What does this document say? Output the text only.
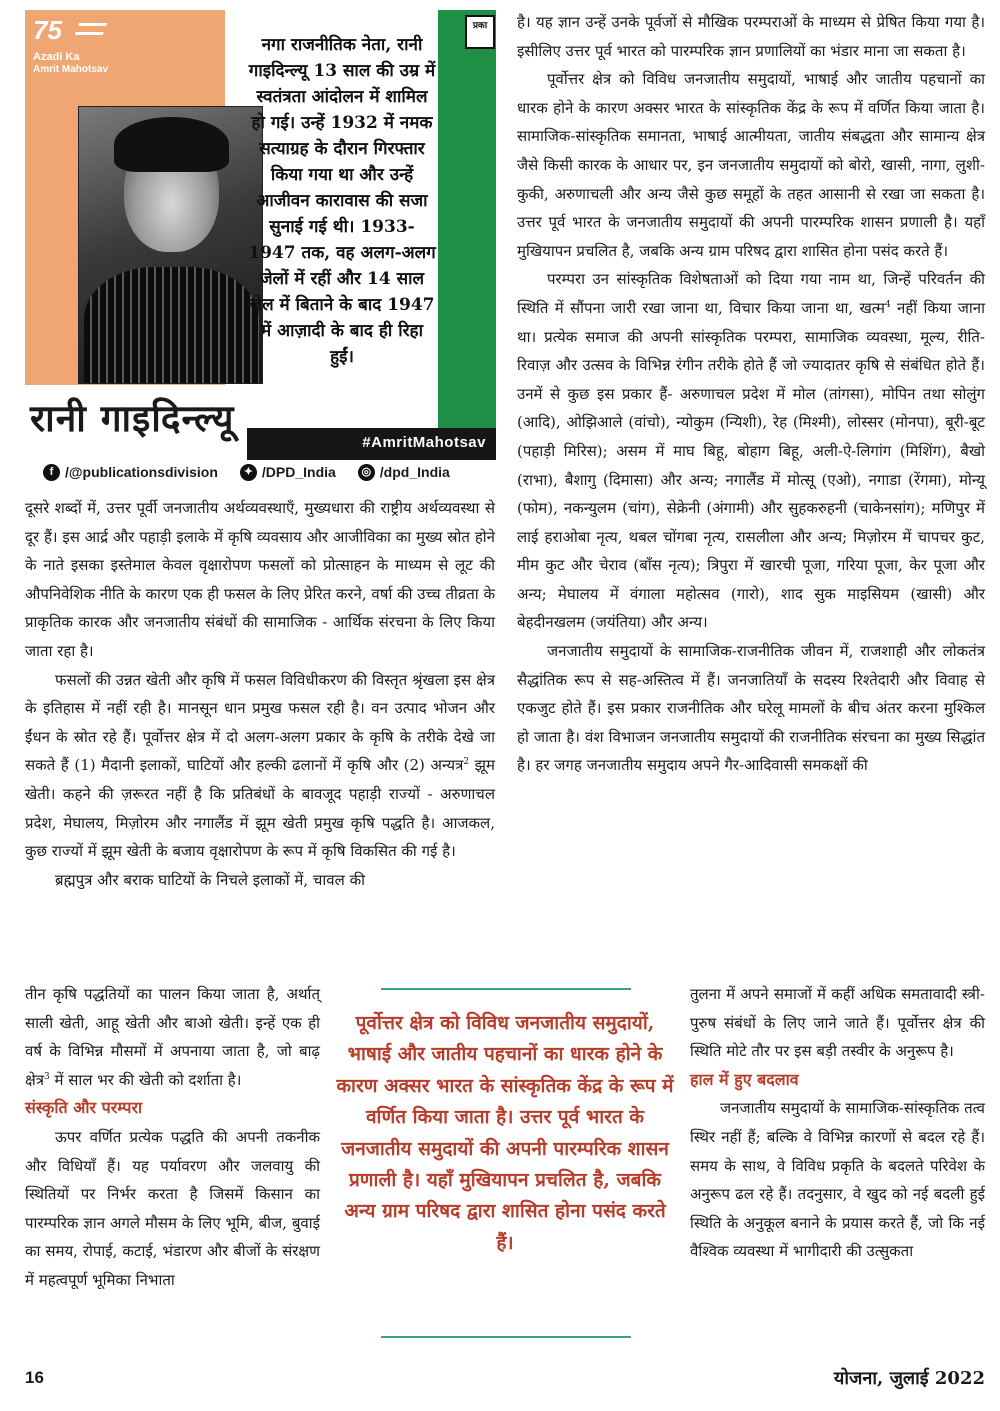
75
Azadi Ka
Amrit Mahotsav
रानी गाइदिन्ल्यू
नगा राजनीतिक नेता, रानी गाइदिन्ल्यू 13 साल की उम्र में स्वतंत्रता आंदोलन में शामिल हो गई। उन्हें 1932 में नमक सत्याग्रह के दौरान गिरफ्तार किया गया था और उन्हें आजीवन कारावास की सजा सुनाई गई थी। 1933-1947 तक, वह अलग-अलग जेलों में रहीं और 14 साल जेल में बिताने के बाद 1947 में आज़ादी के बाद ही रिहा हुईं।
प्रका
#AmritMahotsav
f /@publicationsdivision	✦ /DPD_India	◎ /dpd_India

दूसरे शब्दों में, उत्तर पूर्वी जनजातीय अर्थव्यवस्थाएँ, मुख्यधारा की राष्ट्रीय अर्थव्यवस्था से दूर हैं। इस आर्द्र और पहाड़ी इलाके में कृषि व्यवसाय और आजीविका का मुख्य स्रोत होने के नाते इसका इस्तेमाल केवल वृक्षारोपण फसलों को प्रोत्साहन के माध्यम से लूट की औपनिवेशिक नीति के कारण एक ही फसल के लिए प्रेरित करने, वर्षा की उच्च तीव्रता के प्राकृतिक कारक और जनजातीय संबंधों की सामाजिक - आर्थिक संरचना के लिए किया जाता रहा है।

फसलों की उन्नत खेती और कृषि में फसल विविधीकरण की विस्तृत श्रृंखला इस क्षेत्र के इतिहास में नहीं रही है। मानसून धान प्रमुख फसल रही है। वन उत्पाद भोजन और ईंधन के स्रोत रहे हैं। पूर्वोत्तर क्षेत्र में दो अलग-अलग प्रकार के कृषि के तरीके देखे जा सकते हैं (1) मैदानी इलाकों, घाटियों और हल्की ढलानों में कृषि और (2) अन्यत्र$^2$ झूम खेती। कहने की ज़रूरत नहीं है कि प्रतिबंधों के बावजूद पहाड़ी राज्यों - अरुणाचल प्रदेश, मेघालय, मिज़ोरम और नगालैंड में झूम खेती प्रमुख कृषि पद्धति है। आजकल, कुछ राज्यों में झूम खेती के बजाय वृक्षारोपण के रूप में कृषि विकसित की गई है।

ब्रह्मपुत्र और बराक घाटियों के निचले इलाकों में, चावल की

तीन कृषि पद्धतियों का पालन किया जाता है, अर्थात् साली खेती, आहू खेती और बाओ खेती। इन्हें एक ही वर्ष के विभिन्न मौसमों में अपनाया जाता है, जो बाढ़ क्षेत्र$^3$ में साल भर की खेती को दर्शाता है।

संस्कृति और परम्परा

ऊपर वर्णित प्रत्येक पद्धति की अपनी तकनीक और विधियाँ हैं। यह पर्यावरण और जलवायु की स्थितियों पर निर्भर करता है जिसमें किसान का पारम्परिक ज्ञान अगले मौसम के लिए भूमि, बीज, बुवाई का समय, रोपाई, कटाई, भंडारण और बीजों के संरक्षण में महत्वपूर्ण भूमिका निभाता

पूर्वोत्तर क्षेत्र को विविध जनजातीय समुदायों, भाषाई और जातीय पहचानों का धारक होने के कारण अक्सर भारत के सांस्कृतिक केंद्र के रूप में वर्णित किया जाता है। उत्तर पूर्व भारत के जनजातीय समुदायों की अपनी पारम्परिक शासन प्रणाली है। यहाँ मुखियापन प्रचलित है, जबकि अन्य ग्राम परिषद द्वारा शासित होना पसंद करते हैं।

है। यह ज्ञान उन्हें उनके पूर्वजों से मौखिक परम्पराओं के माध्यम से प्रेषित किया गया है। इसीलिए उत्तर पूर्व भारत को पारम्परिक ज्ञान प्रणालियों का भंडार माना जा सकता है।

पूर्वोत्तर क्षेत्र को विविध जनजातीय समुदायों, भाषाई और जातीय पहचानों का धारक होने के कारण अक्सर भारत के सांस्कृतिक केंद्र के रूप में वर्णित किया जाता है। सामाजिक-सांस्कृतिक समानता, भाषाई आत्मीयता, जातीय संबद्धता और सामान्य क्षेत्र जैसे किसी कारक के आधार पर, इन जनजातीय समुदायों को बोरो, खासी, नागा, लुशी-कुकी, अरुणाचली और अन्य जैसे कुछ समूहों के तहत आसानी से रखा जा सकता है। उत्तर पूर्व भारत के जनजातीय समुदायों की अपनी पारम्परिक शासन प्रणाली है। यहाँ मुखियापन प्रचलित है, जबकि अन्य ग्राम परिषद द्वारा शासित होना पसंद करते हैं।

परम्परा उन सांस्कृतिक विशेषताओं को दिया गया नाम था, जिन्हें परिवर्तन की स्थिति में सौंपना जारी रखा जाना था, विचार किया जाना था, खत्म$^4$ नहीं किया जाना था। प्रत्येक समाज की अपनी सांस्कृतिक परम्परा, सामाजिक व्यवस्था, मूल्य, रीति-रिवाज़ और उत्सव के विभिन्न रंगीन तरीके होते हैं जो ज्यादातर कृषि से संबंधित होते हैं। उनमें से कुछ इस प्रकार हैं- अरुणाचल प्रदेश में मोल (तांगसा), मोपिन तथा सोलुंग (आदि), ओझिआले (वांचो), न्योकुम (न्यिशी), रेह (मिश्मी), लोस्सर (मोनपा), बूरी-बूट (पहाड़ी मिरिस); असम में माघ बिहू, बोहाग बिहू, अली-ऐ-लिगांग (मिशिंग), बैखो (राभा), बैशागु (दिमासा) और अन्य; नगालैंड में मोत्सू (एओ), नगाडा (रेंगमा), मोन्यू (फोम), नकन्युलम (चांग), सेक्रेनी (अंगामी) और सुहकरुहनी (चाकेनसांग); मणिपुर में लाई हराओबा नृत्य, थबल चोंगबा नृत्य, रासलीला और अन्य; मिज़ोरम में चापचर कुट, मीम कुट और चेराव (बाँस नृत्य); त्रिपुरा में खारची पूजा, गरिया पूजा, केर पूजा और अन्य; मेघालय में वंगाला महोत्सव (गारो), शाद सुक माइसियम (खासी) और बेहदीनखलम (जयंतिया) और अन्य।

जनजातीय समुदायों के सामाजिक-राजनीतिक जीवन में, राजशाही और लोकतंत्र सैद्धांतिक रूप से सह-अस्तित्व में हैं। जनजातियाँ के सदस्य रिश्तेदारी और विवाह से एकजुट होते हैं। इस प्रकार राजनीतिक और घरेलू मामलों के बीच अंतर करना मुश्किल हो जाता है। वंश विभाजन जनजातीय समुदायों की राजनीतिक संरचना का मुख्य सिद्धांत है। हर जगह जनजातीय समुदाय अपने गैर-आदिवासी समकक्षों की

तुलना में अपने समाजों में कहीं अधिक समतावादी स्त्री-पुरुष संबंधों के लिए जाने जाते हैं। पूर्वोत्तर क्षेत्र की स्थिति मोटे तौर पर इस बड़ी तस्वीर के अनुरूप है।

हाल में हुए बदलाव

जनजातीय समुदायों के सामाजिक-सांस्कृतिक तत्व स्थिर नहीं हैं; बल्कि वे विभिन्न कारणों से बदल रहे हैं। समय के साथ, वे विविध प्रकृति के बदलते परिवेश के अनुरूप ढल रहे हैं। तदनुसार, वे खुद को नई बदली हुई स्थिति के अनुकूल बनाने के प्रयास करते हैं, जो कि नई वैश्विक व्यवस्था में भागीदारी की उत्सुकता

16	योजना, जुलाई 2022
